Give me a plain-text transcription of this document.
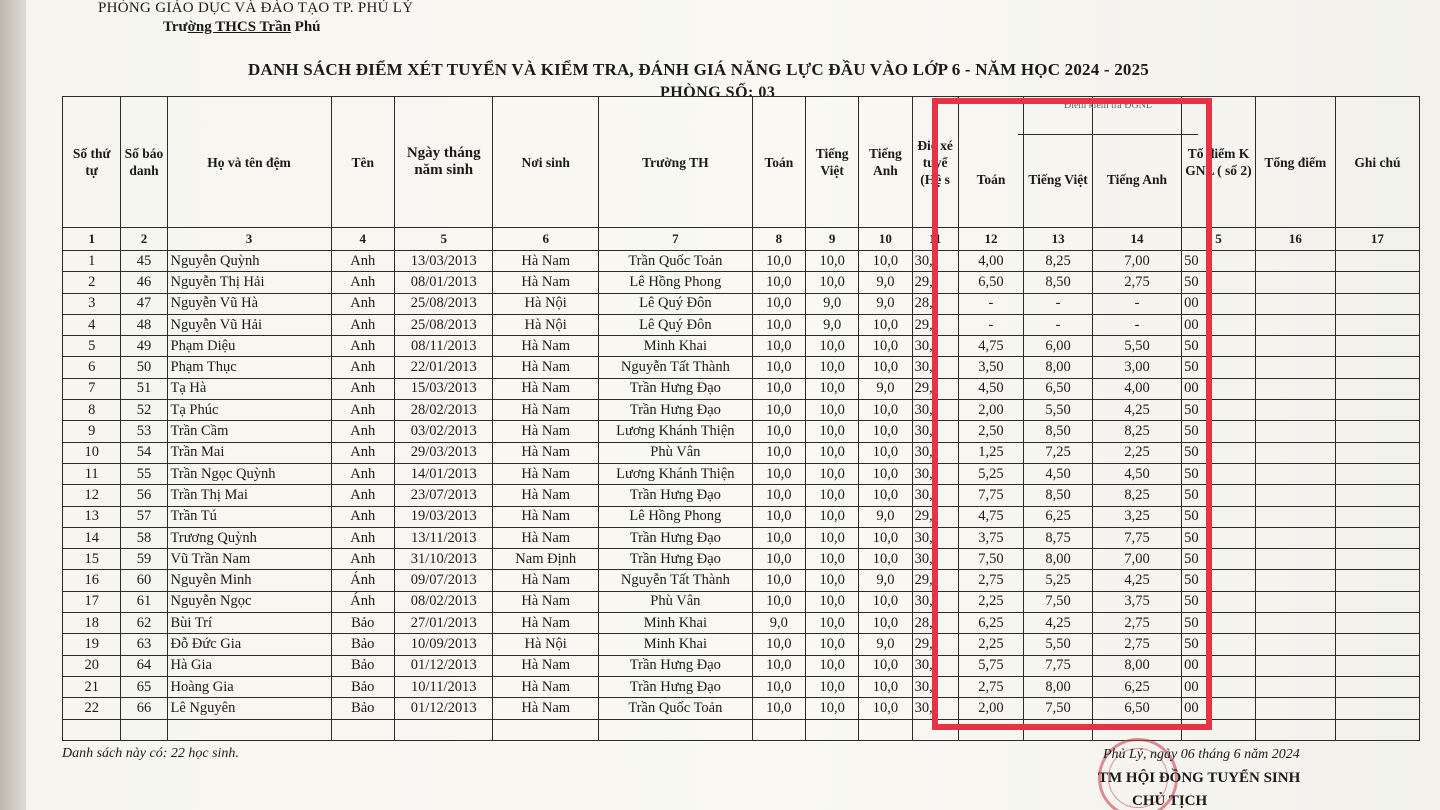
PHÒNG GIÁO DỤC VÀ ĐÀO TẠO TP. PHỦ LÝ
Trường THCS Trần Phú
DANH SÁCH ĐIỂM XÉT TUYỂN VÀ KIỂM TRA, ĐÁNH GIÁ NĂNG LỰC ĐẦU VÀO LỚP 6 - NĂM HỌC 2024 - 2025
PHÒNG SỐ: 03
Số thứ tự	Số báo danh	Họ và tên đệm	Tên	Ngày tháng năm sinh	Nơi sinh	Trường TH	Toán	Tiếng Việt	Tiếng Anh	Điể xé tuyể (Hệ s	Toán	Tiếng Việt	Tiếng Anh	Tổ điểm K GNL ( số 2)	Tổng điểm	Ghi chú
1	2	3	4	5	6	7	8	9	10	11	12	13	14	5	16	17
1	45	Nguyễn Quỳnh	Anh	13/03/2013	Hà Nam	Trần Quốc Toản	10,0	10,0	10,0	30,	4,00	8,25	7,00	50		
2	46	Nguyễn Thị Hải	Anh	08/01/2013	Hà Nam	Lê Hồng Phong	10,0	10,0	9,0	29,	6,50	8,50	2,75	50		
3	47	Nguyễn Vũ Hà	Anh	25/08/2013	Hà Nội	Lê Quý Đôn	10,0	9,0	9,0	28,	-	-	-	00		
4	48	Nguyễn Vũ Hải	Anh	25/08/2013	Hà Nội	Lê Quý Đôn	10,0	9,0	10,0	29,	-	-	-	00		
5	49	Phạm Diệu	Anh	08/11/2013	Hà Nam	Minh Khai	10,0	10,0	10,0	30,	4,75	6,00	5,50	50		
6	50	Phạm Thục	Anh	22/01/2013	Hà Nam	Nguyễn Tất Thành	10,0	10,0	10,0	30,	3,50	8,00	3,00	50		
7	51	Tạ Hà	Anh	15/03/2013	Hà Nam	Trần Hưng Đạo	10,0	10,0	9,0	29,	4,50	6,50	4,00	00		
8	52	Tạ Phúc	Anh	28/02/2013	Hà Nam	Trần Hưng Đạo	10,0	10,0	10,0	30,	2,00	5,50	4,25	50		
9	53	Trần Cầm	Anh	03/02/2013	Hà Nam	Lương Khánh Thiện	10,0	10,0	10,0	30,	2,50	8,50	8,25	50		
10	54	Trần Mai	Anh	29/03/2013	Hà Nam	Phù Vân	10,0	10,0	10,0	30,	1,25	7,25	2,25	50		
11	55	Trần Ngọc Quỳnh	Anh	14/01/2013	Hà Nam	Lương Khánh Thiện	10,0	10,0	10,0	30,	5,25	4,50	4,50	50		
12	56	Trần Thị Mai	Anh	23/07/2013	Hà Nam	Trần Hưng Đạo	10,0	10,0	10,0	30,	7,75	8,50	8,25	50		
13	57	Trần Tú	Anh	19/03/2013	Hà Nam	Lê Hồng Phong	10,0	10,0	9,0	29,	4,75	6,25	3,25	50		
14	58	Trương Quỳnh	Anh	13/11/2013	Hà Nam	Trần Hưng Đạo	10,0	10,0	10,0	30,	3,75	8,75	7,75	50		
15	59	Vũ Trần Nam	Anh	31/10/2013	Nam Định	Trần Hưng Đạo	10,0	10,0	10,0	30,	7,50	8,00	7,00	50		
16	60	Nguyễn Minh	Ánh	09/07/2013	Hà Nam	Nguyễn Tất Thành	10,0	10,0	9,0	29,	2,75	5,25	4,25	50		
17	61	Nguyễn Ngọc	Ánh	08/02/2013	Hà Nam	Phù Vân	10,0	10,0	10,0	30,	2,25	7,50	3,75	50		
18	62	Bùi Trí	Bảo	27/01/2013	Hà Nam	Minh Khai	9,0	10,0	10,0	28,	6,25	4,25	2,75	50		
19	63	Đỗ Đức Gia	Bảo	10/09/2013	Hà Nội	Minh Khai	10,0	10,0	9,0	29,	2,25	5,50	2,75	50		
20	64	Hà Gia	Bảo	01/12/2013	Hà Nam	Trần Hưng Đạo	10,0	10,0	10,0	30,	5,75	7,75	8,00	00		
21	65	Hoàng Gia	Bảo	10/11/2013	Hà Nam	Trần Hưng Đạo	10,0	10,0	10,0	30,	2,75	8,00	6,25	00		
22	66	Lê Nguyên	Bảo	01/12/2013	Hà Nam	Trần Quốc Toản	10,0	10,0	10,0	30,	2,00	7,50	6,50	00		

Điểm kiểm tra ĐGNL
Danh sách này có: 22 học sinh.	Phủ Lý, ngày 06 tháng 6 năm 2024
TM HỘI ĐỒNG TUYỂN SINH
CHỦ TỊCH
